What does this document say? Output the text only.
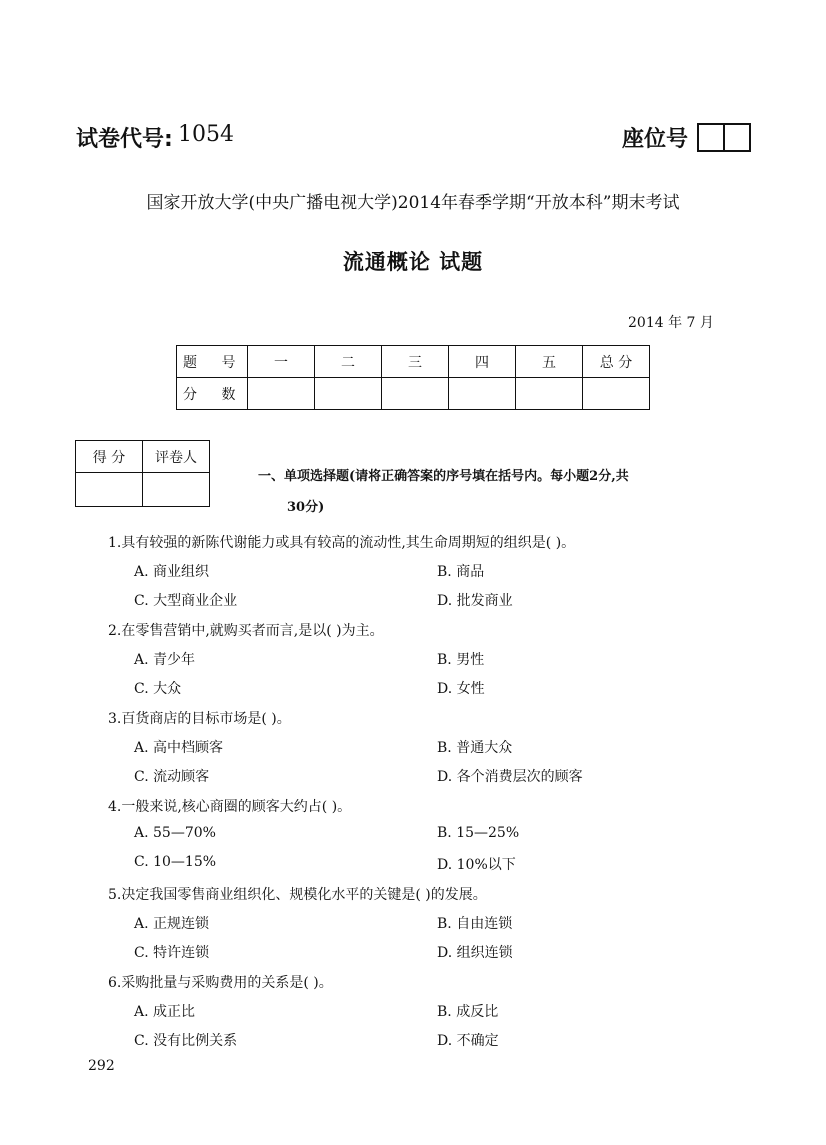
试卷代号: 1054	座位号
国家开放大学(中央广播电视大学)2014年春季学期“开放本科”期末考试
流通概论 试题
2014 年 7 月
题 号	一	二	三	四	五	总 分
分 数						
得 分	评卷人

一、单项选择题(请将正确答案的序号填在括号内。每小题2分,共
30分)
1.具有较强的新陈代谢能力或具有较高的流动性,其生命周期短的组织是( )。
A. 商业组织	B. 商品
C. 大型商业企业	D. 批发商业
2.在零售营销中,就购买者而言,是以( )为主。
A. 青少年	B. 男性
C. 大众	D. 女性
3.百货商店的目标市场是( )。
A. 高中档顾客	B. 普通大众
C. 流动顾客	D. 各个消费层次的顾客
4.一般来说,核心商圈的顾客大约占( )。
A. 55—70%	B. 15—25%
C. 10—15%	D. 10%以下
5.决定我国零售商业组织化、规模化水平的关键是( )的发展。
A. 正规连锁	B. 自由连锁
C. 特许连锁	D. 组织连锁
6.采购批量与采购费用的关系是( )。
A. 成正比	B. 成反比
C. 没有比例关系	D. 不确定
292
